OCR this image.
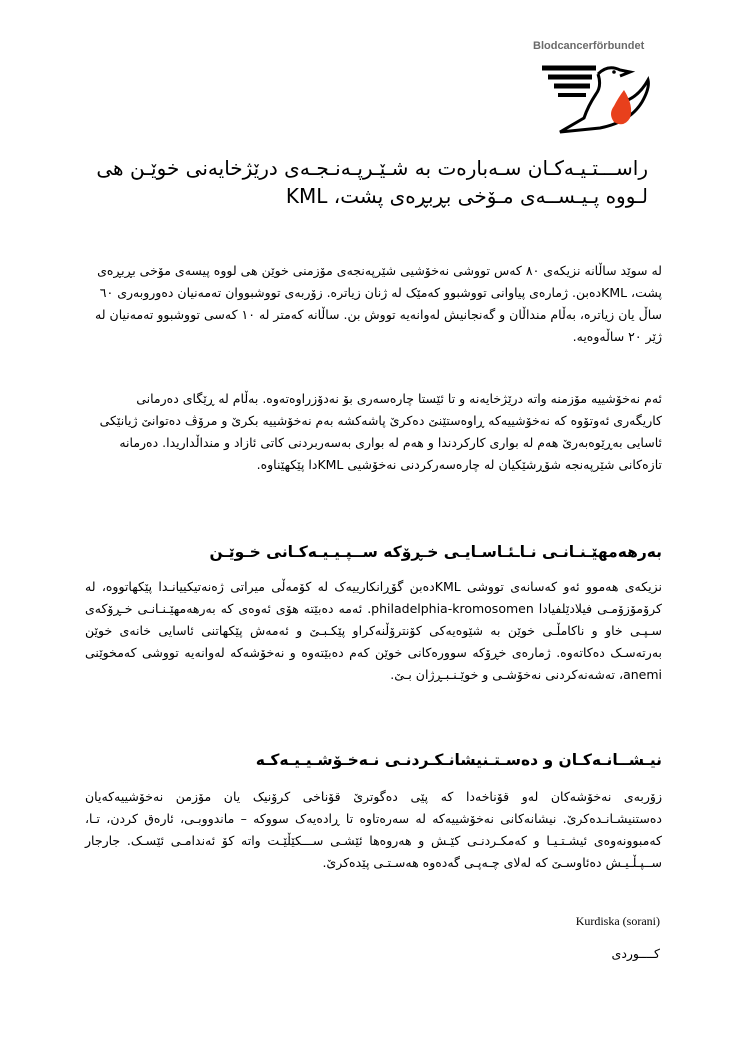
Blodcancerförbundet
راســـتـیـەکـان سـەبارەت بە شـێـرپـەنـجـەی درێژخایەنی خوێـن هی
لـووە پـیـســەی مـۆخی بڕبڕەی پشت، KML

لە سوێد ساڵانە نزیکەی ٨٠ کەس تووشی نەخۆشیی شێرپەنجەی مۆزمنی خوێن هی لووە پیسەی مۆخی بڕبڕەی پشت، KMLدەبن. ژمارەی پیاوانی تووشبوو کەمێک لە ژنان زیاترە. زۆربەی تووشبووان تەمەنیان دەوروبەری ٦٠ ساڵ یان زیاترە، بەڵام منداڵان و گەنجانیش لەوانەیە تووش بن. ساڵانە کەمتر لە ١٠ کەسی تووشبوو تەمەنیان لە ژێر ٢٠ ساڵەوەیە.

ئەم نەخۆشییە مۆزمنە واتە درێژخایەنە و تا ئێستا چارەسەری بۆ نەدۆزراوەتەوە. بەڵام لە ڕێگای دەرمانی کاریگەری ئەوتۆوە کە نەخۆشییەکە ڕاوەستێنێ دەکرێ پاشەکشە بەم نەخۆشییە بکرێ و مرۆڤ دەتوانێ ژیانێکی ئاسایی بەڕێوەبەرێ هەم لە بواری کارکردندا و هەم لە بواری بەسەربردنی کاتی ئازاد و منداڵداریدا. دەرمانە تازەکانی شێرپەنجە شۆڕشێکیان لە چارەسەرکردنی نەخۆشیی KMLدا پێکهێناوە.

بەرهەمهێـنـانـی نـاـئـاسـایـی خـڕۆکە ســپـیـیـەکـانی خـوێـن

نزیکەی هەموو ئەو کەسانەی تووشی KMLدەبن گۆڕانکارییەک لە کۆمەڵی میراتی ژەنەتیکییانـدا پێکهاتووە، لە کرۆمۆزۆمـی فیلادێلفیادا philadelphia-kromosomen. ئەمە دەبێتە هۆی ئەوەی کە بەرهەمهێـنـانـی خـڕۆکەی سـپـی خاو و ناکامڵـی خوێن بە شێوەیەکی کۆنترۆڵنەکراو پێکـبـێ و ئەمەش پێکهاتنی ئاسایی خانەی خوێن بەرتەسـک دەکاتەوە. ژمارەی خڕۆکە سوورەکانی خوێن کەم دەبێتەوە و نەخۆشەکە لەوانەیە تووشی کەمخوێنی anemi، تەشەنەکردنی نەخۆشـی و خوێـنـبـڕژان بـێ.

نیـشــانـەکـان و دەسـتـنیشانـکـردنـی نـەخـۆشـیـیـەکـە

زۆربەی نەخۆشەکان لەو قۆناخەدا کە پێی دەگوترێ قۆناخی کرۆنیک یان مۆزمن نەخۆشییەکەیان دەستنیشـانـدەکرێ. نیشانەکانی نەخۆشییەکە لە سەرەتاوە تا ڕادەیەک سووکە – ماندووبـی، ئارەق کردن، تـا، کەمبوونەوەی ئیشـتـیـا و کەمکـردنـی کێـش و هەروەها ئێشـی ســـکێڵێـت واتە کۆ ئەندامـی ئێسـک. جارجار ســپـڵـیـش دەئاوسـێ کە لەلای چـەپـی گەدەوە هەسـتـی پێدەکرێ.

Kurdiska (sorani)
کــــوردی
